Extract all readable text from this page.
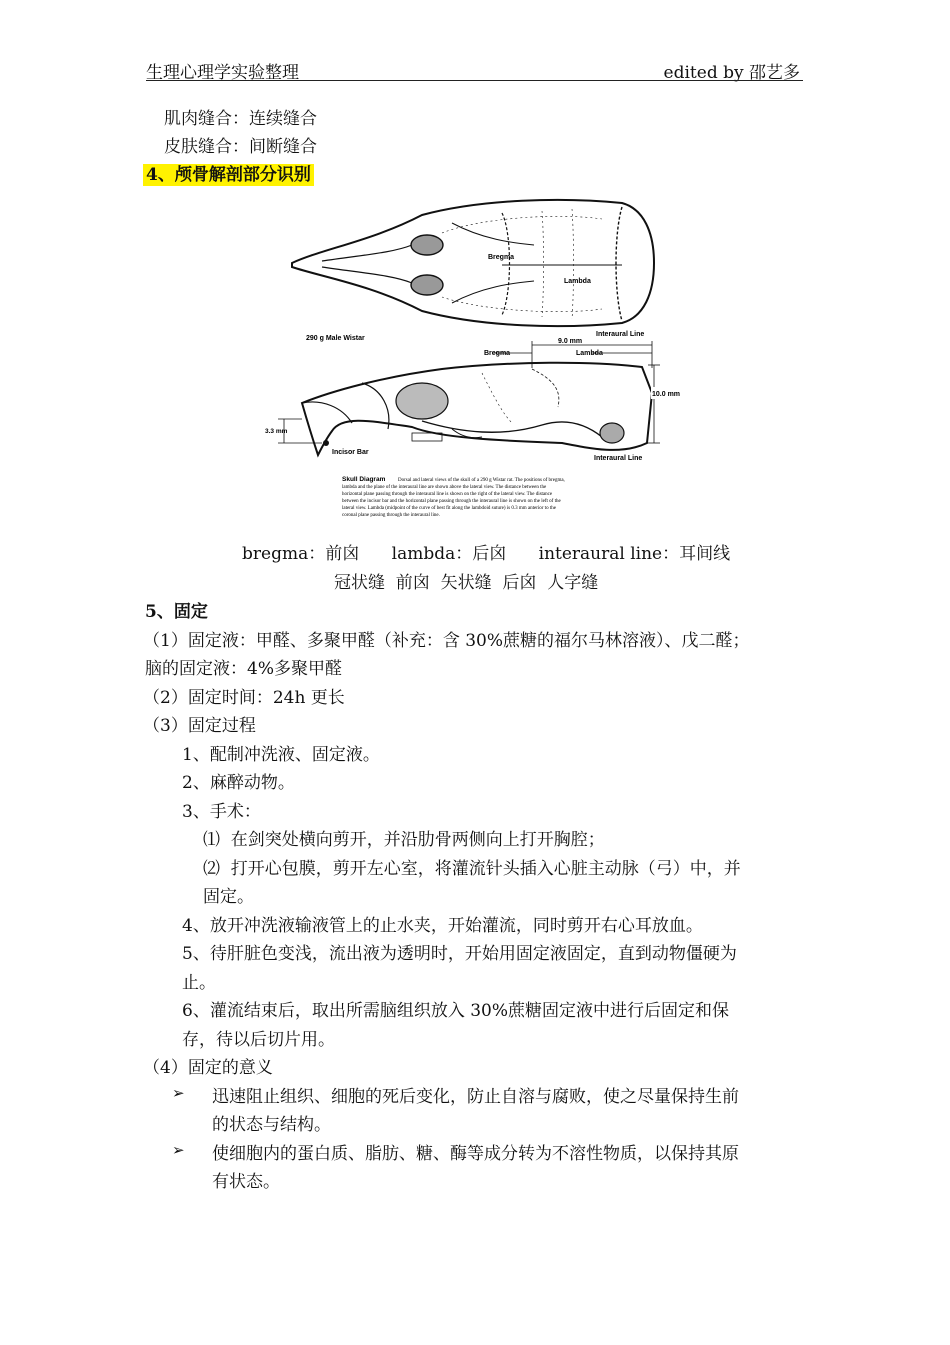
生理心理学实验整理	edited by 邵艺多
肌肉缝合：连续缝合
皮肤缝合：间断缝合
4、颅骨解剖部分识别
Bregma
Lambda
290 g Male Wistar
Interaural Line
9.0 mm
Bregma	Lambda
10.0 mm
3.3 mm
Incisor Bar
Interaural Line
Skull Diagram	Dorsal and lateral views of the skull of a 290 g Wistar rat. The positions of bregma,
lambda and the plane of the interaural line are shown above the lateral view. The distance between the
horizontal plane passing through the interaural line is shown on the right of the lateral view. The distance
between the incisor bar and the horizontal plane passing through the interaural line is shown on the left of the
lateral view. Lambda (midpoint of the curve of best fit along the lambdoid suture) is 0.3 mm anterior to the
coronal plane passing through the interaural line.
bregma：前囟      lambda：后囟      interaural line：耳间线
冠状缝  前囟  矢状缝  后囟  人字缝
5、固定
（1）固定液：甲醛、多聚甲醛（补充：含 30%蔗糖的福尔马林溶液）、戊二醛；
脑的固定液：4%多聚甲醛
（2）固定时间：24h 更长
（3）固定过程
1、配制冲洗液、固定液。
2、麻醉动物。
3、手术：
⑴  在剑突处横向剪开，并沿肋骨两侧向上打开胸腔；
⑵  打开心包膜，剪开左心室，将灌流针头插入心脏主动脉（弓）中，并
固定。
4、放开冲洗液输液管上的止水夹，开始灌流，同时剪开右心耳放血。
5、待肝脏色变浅，流出液为透明时，开始用固定液固定，直到动物僵硬为
止。
6、灌流结束后，取出所需脑组织放入 30%蔗糖固定液中进行后固定和保
存，待以后切片用。
（4）固定的意义
➢ 迅速阻止组织、细胞的死后变化，防止自溶与腐败，使之尽量保持生前
的状态与结构。
➢ 使细胞内的蛋白质、脂肪、糖、酶等成分转为不溶性物质，以保持其原
有状态。
